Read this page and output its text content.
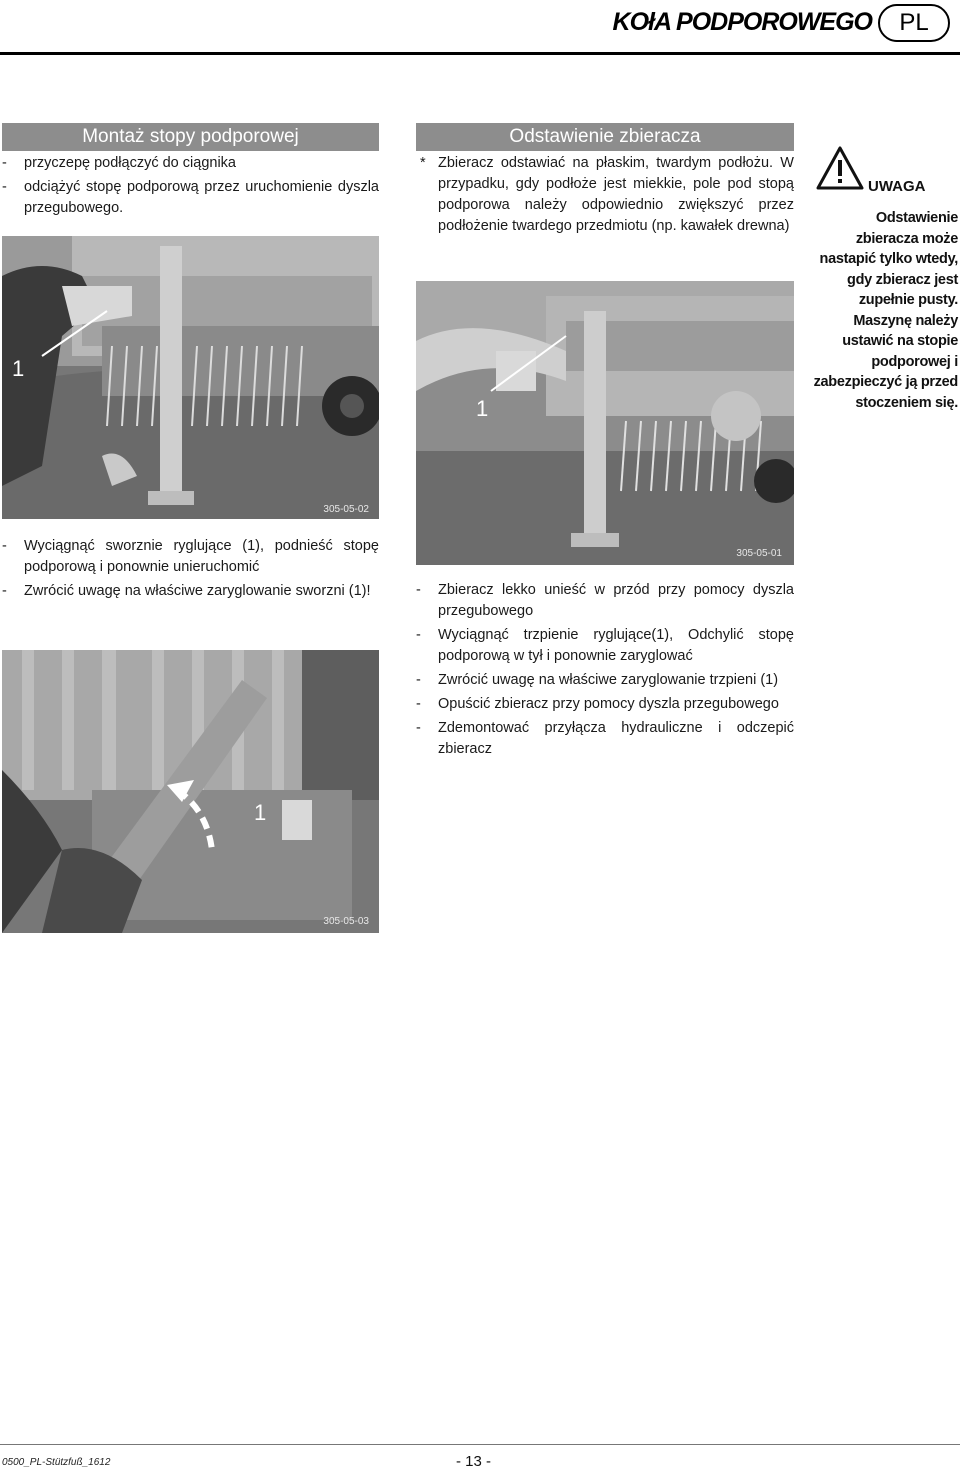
KOłA PODPOROWEGO	PL
Montaż stopy podporowej
- przyczepę podłączyć do ciągnika
- odciążyć stopę podporową przez uruchomienie dyszla przegubowego.
1
305-05-02
Odstawienie zbieracza
* Zbieracz odstawiać na płaskim, twardym podłożu. W przypadku, gdy podłoże jest miekkie, pole pod stopą podporowa należy odpowiednio zwiększyć przez podłożenie twardego przedmiotu (np. kawałek drewna)
UWAGA
Odstawienie zbieracza może nastapić tylko wtedy, gdy zbieracz jest zupełnie pusty. Maszynę należy ustawić na stopie podporowej i zabezpieczyć ją przed stoczeniem się.
1
305-05-01
- Wyciągnąć sworznie ryglujące (1), podnieść stopę podporową i ponownie unieruchomić
- Zwrócić uwagę na właściwe zaryglowanie sworzni (1)!
1
305-05-03
- Zbieracz lekko unieść w przód przy pomocy dyszla przegubowego
- Wyciągnąć trzpienie ryglujące(1), Odchylić stopę podporową w tył i ponownie zaryglować
- Zwrócić uwagę na właściwe zaryglowanie trzpieni (1)
- Opuścić zbieracz przy pomocy dyszla przegubowego
- Zdemontować przyłącza hydrauliczne i odczepić zbieracz
0500_PL-Stützfuß_1612	- 13 -
